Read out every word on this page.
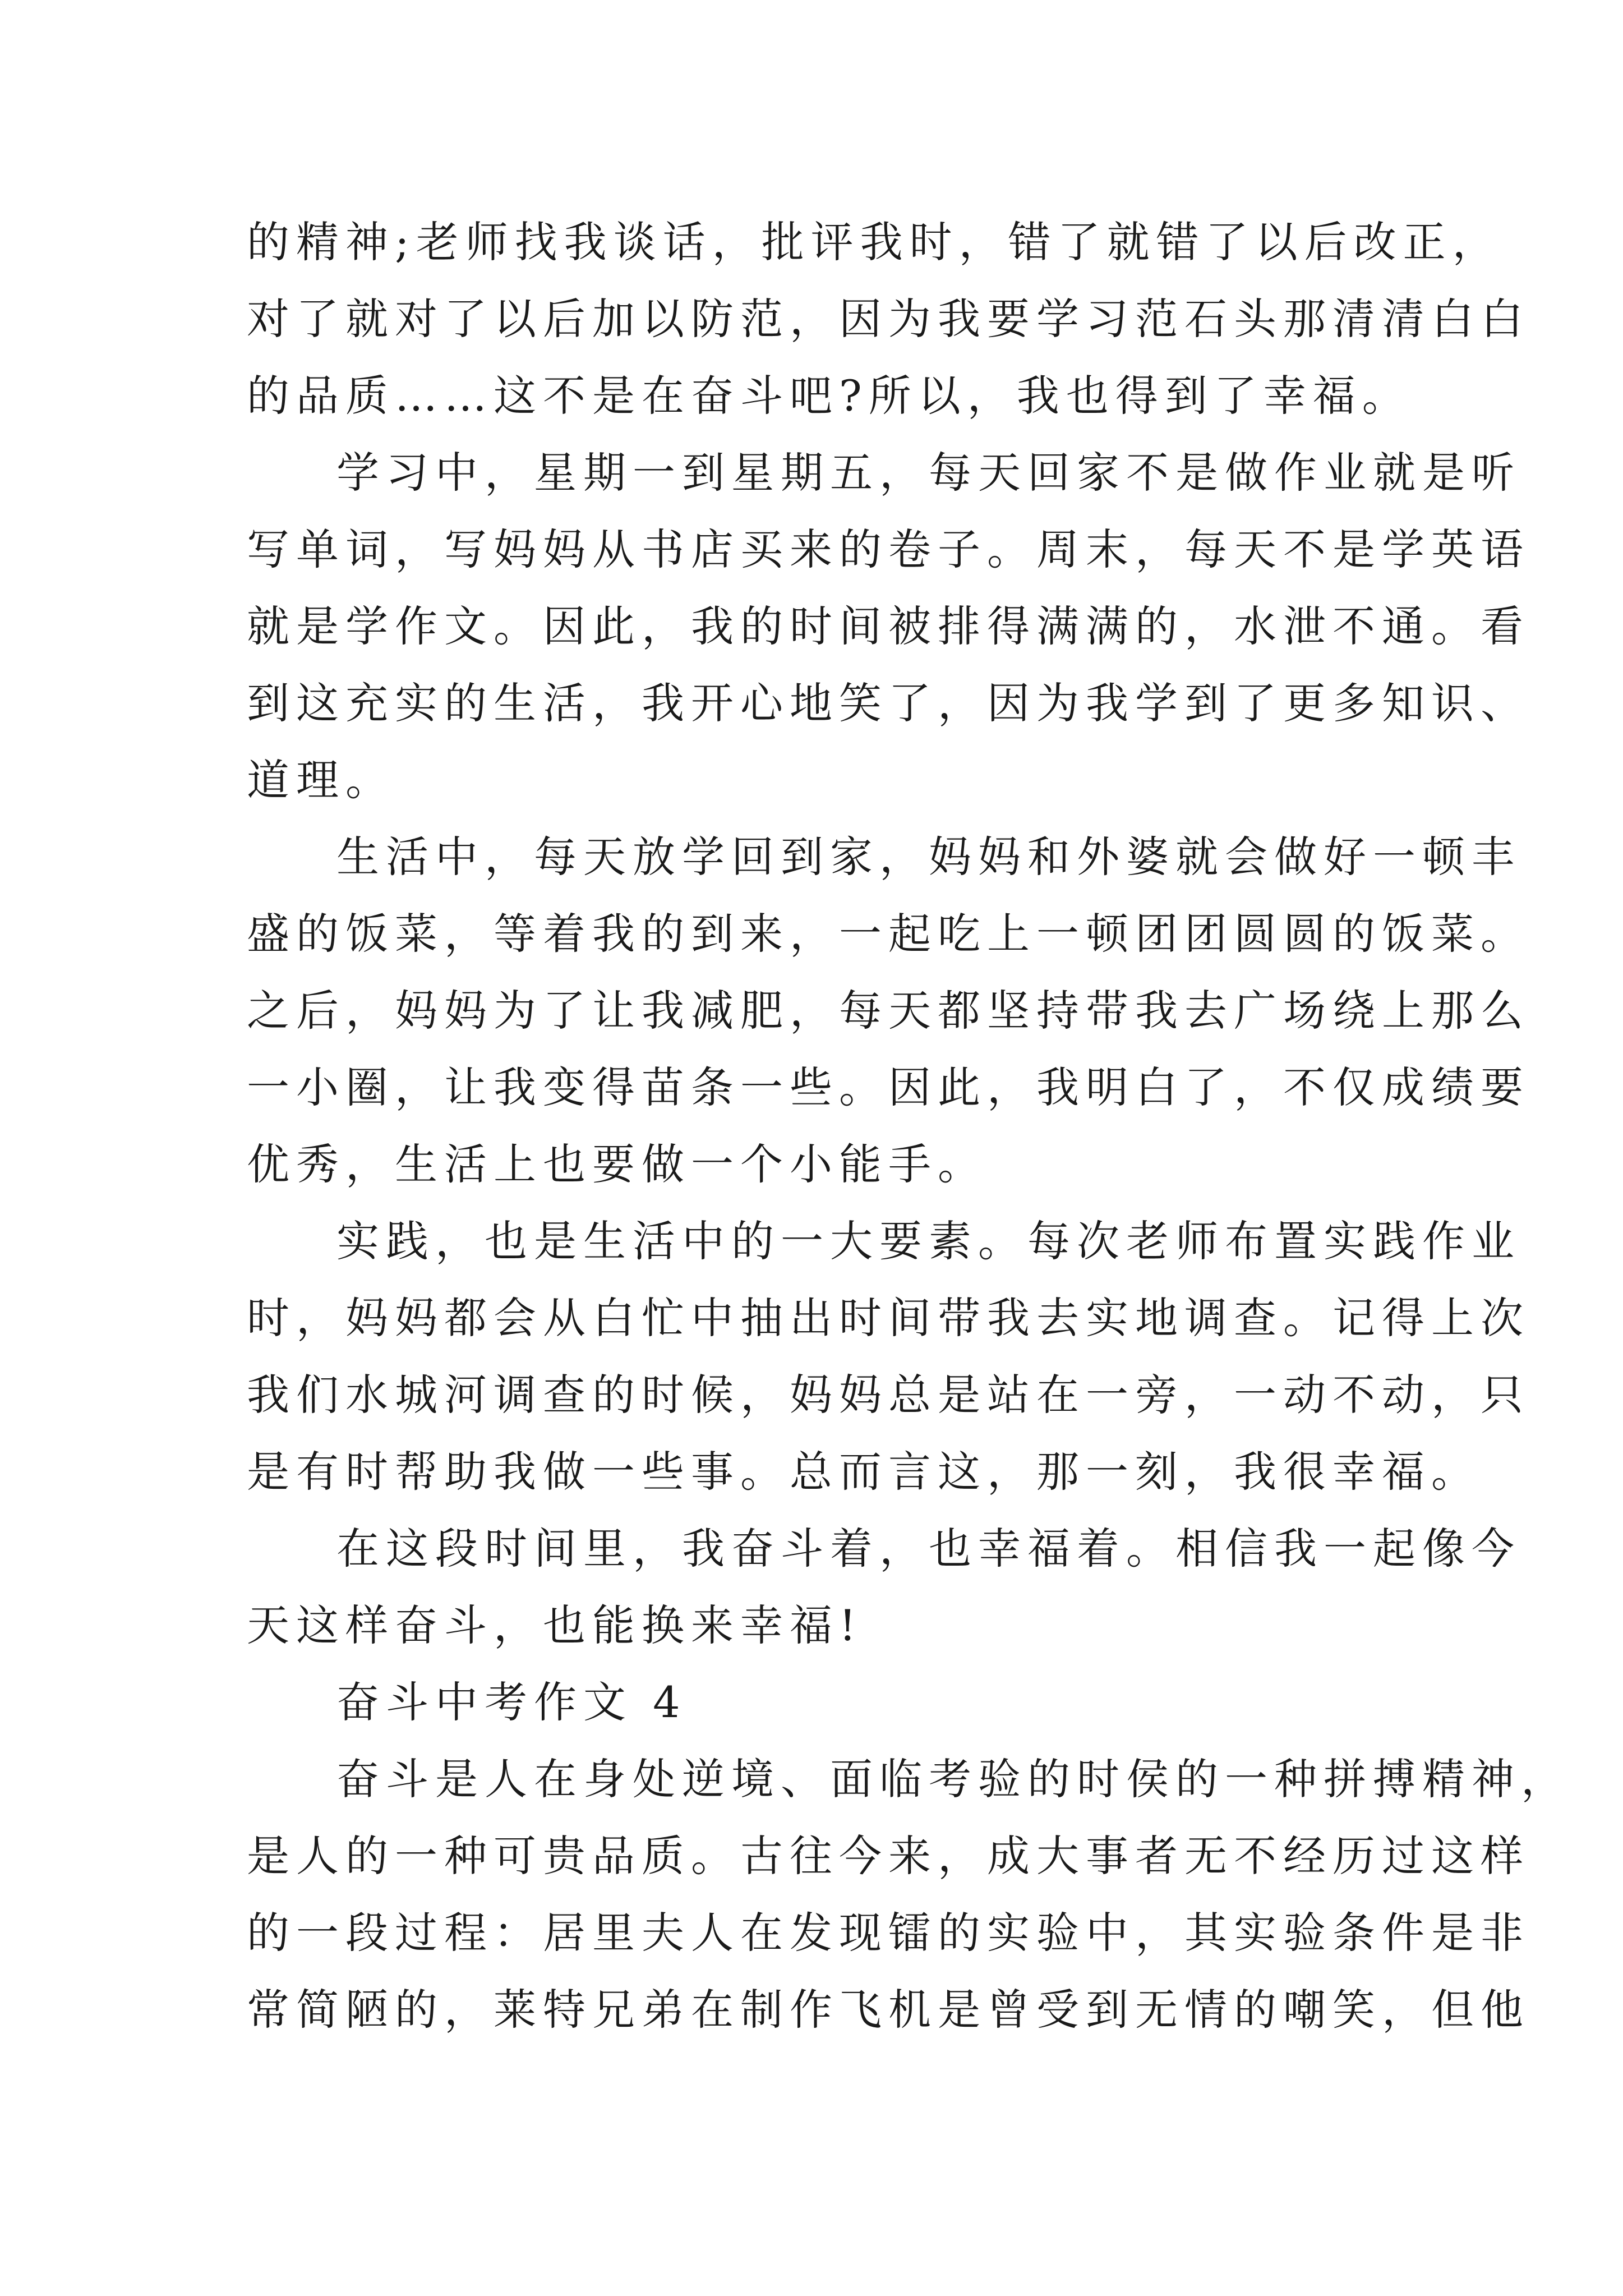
的精神;老师找我谈话，批评我时，错了就错了以后改正，
对了就对了以后加以防范，因为我要学习范石头那清清白白
的品质……这不是在奋斗吧?所以，我也得到了幸福。
学习中，星期一到星期五，每天回家不是做作业就是听
写单词，写妈妈从书店买来的卷子。周末，每天不是学英语
就是学作文。因此，我的时间被排得满满的，水泄不通。看
到这充实的生活，我开心地笑了，因为我学到了更多知识、
道理。
生活中，每天放学回到家，妈妈和外婆就会做好一顿丰
盛的饭菜，等着我的到来，一起吃上一顿团团圆圆的饭菜。
之后，妈妈为了让我减肥，每天都坚持带我去广场绕上那么
一小圈，让我变得苗条一些。因此，我明白了，不仅成绩要
优秀，生活上也要做一个小能手。
实践，也是生活中的一大要素。每次老师布置实践作业
时，妈妈都会从白忙中抽出时间带我去实地调查。记得上次
我们水城河调查的时候，妈妈总是站在一旁，一动不动，只
是有时帮助我做一些事。总而言这，那一刻，我很幸福。
在这段时间里，我奋斗着，也幸福着。相信我一起像今
天这样奋斗，也能换来幸福!
奋斗中考作文 4
奋斗是人在身处逆境、面临考验的时侯的一种拼搏精神，
是人的一种可贵品质。古往今来，成大事者无不经历过这样
的一段过程：居里夫人在发现镭的实验中，其实验条件是非
常简陋的，莱特兄弟在制作飞机是曾受到无情的嘲笑，但他
